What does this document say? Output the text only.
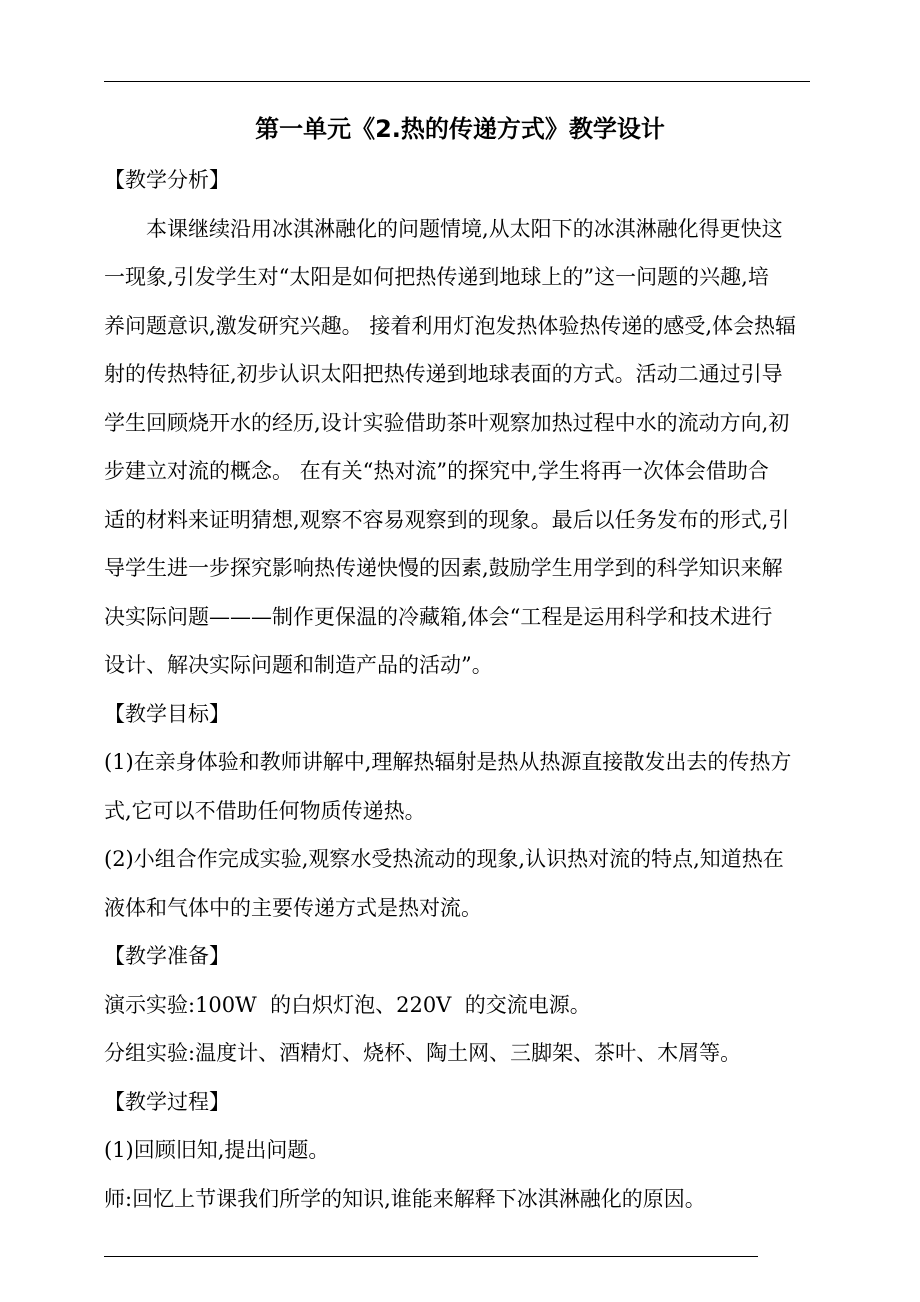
第一单元《2.热的传递方式》教学设计
【教学分析】
本课继续沿用冰淇淋融化的问题情境,从太阳下的冰淇淋融化得更快这
一现象,引发学生对“太阳是如何把热传递到地球上的”这一问题的兴趣,培
养问题意识,激发研究兴趣。 接着利用灯泡发热体验热传递的感受,体会热辐
射的传热特征,初步认识太阳把热传递到地球表面的方式。活动二通过引导
学生回顾烧开水的经历,设计实验借助茶叶观察加热过程中水的流动方向,初
步建立对流的概念。 在有关“热对流”的探究中,学生将再一次体会借助合
适的材料来证明猜想,观察不容易观察到的现象。最后以任务发布的形式,引
导学生进一步探究影响热传递快慢的因素,鼓励学生用学到的科学知识来解
决实际问题———制作更保温的冷藏箱,体会“工程是运用科学和技术进行
设计、解决实际问题和制造产品的活动”。
【教学目标】
(1)在亲身体验和教师讲解中,理解热辐射是热从热源直接散发出去的传热方
式,它可以不借助任何物质传递热。
(2)小组合作完成实验,观察水受热流动的现象,认识热对流的特点,知道热在
液体和气体中的主要传递方式是热对流。
【教学准备】
演示实验:100W  的白炽灯泡、220V  的交流电源。
分组实验:温度计、酒精灯、烧杯、陶土网、三脚架、茶叶、木屑等。
【教学过程】
(1)回顾旧知,提出问题。
师:回忆上节课我们所学的知识,谁能来解释下冰淇淋融化的原因。
